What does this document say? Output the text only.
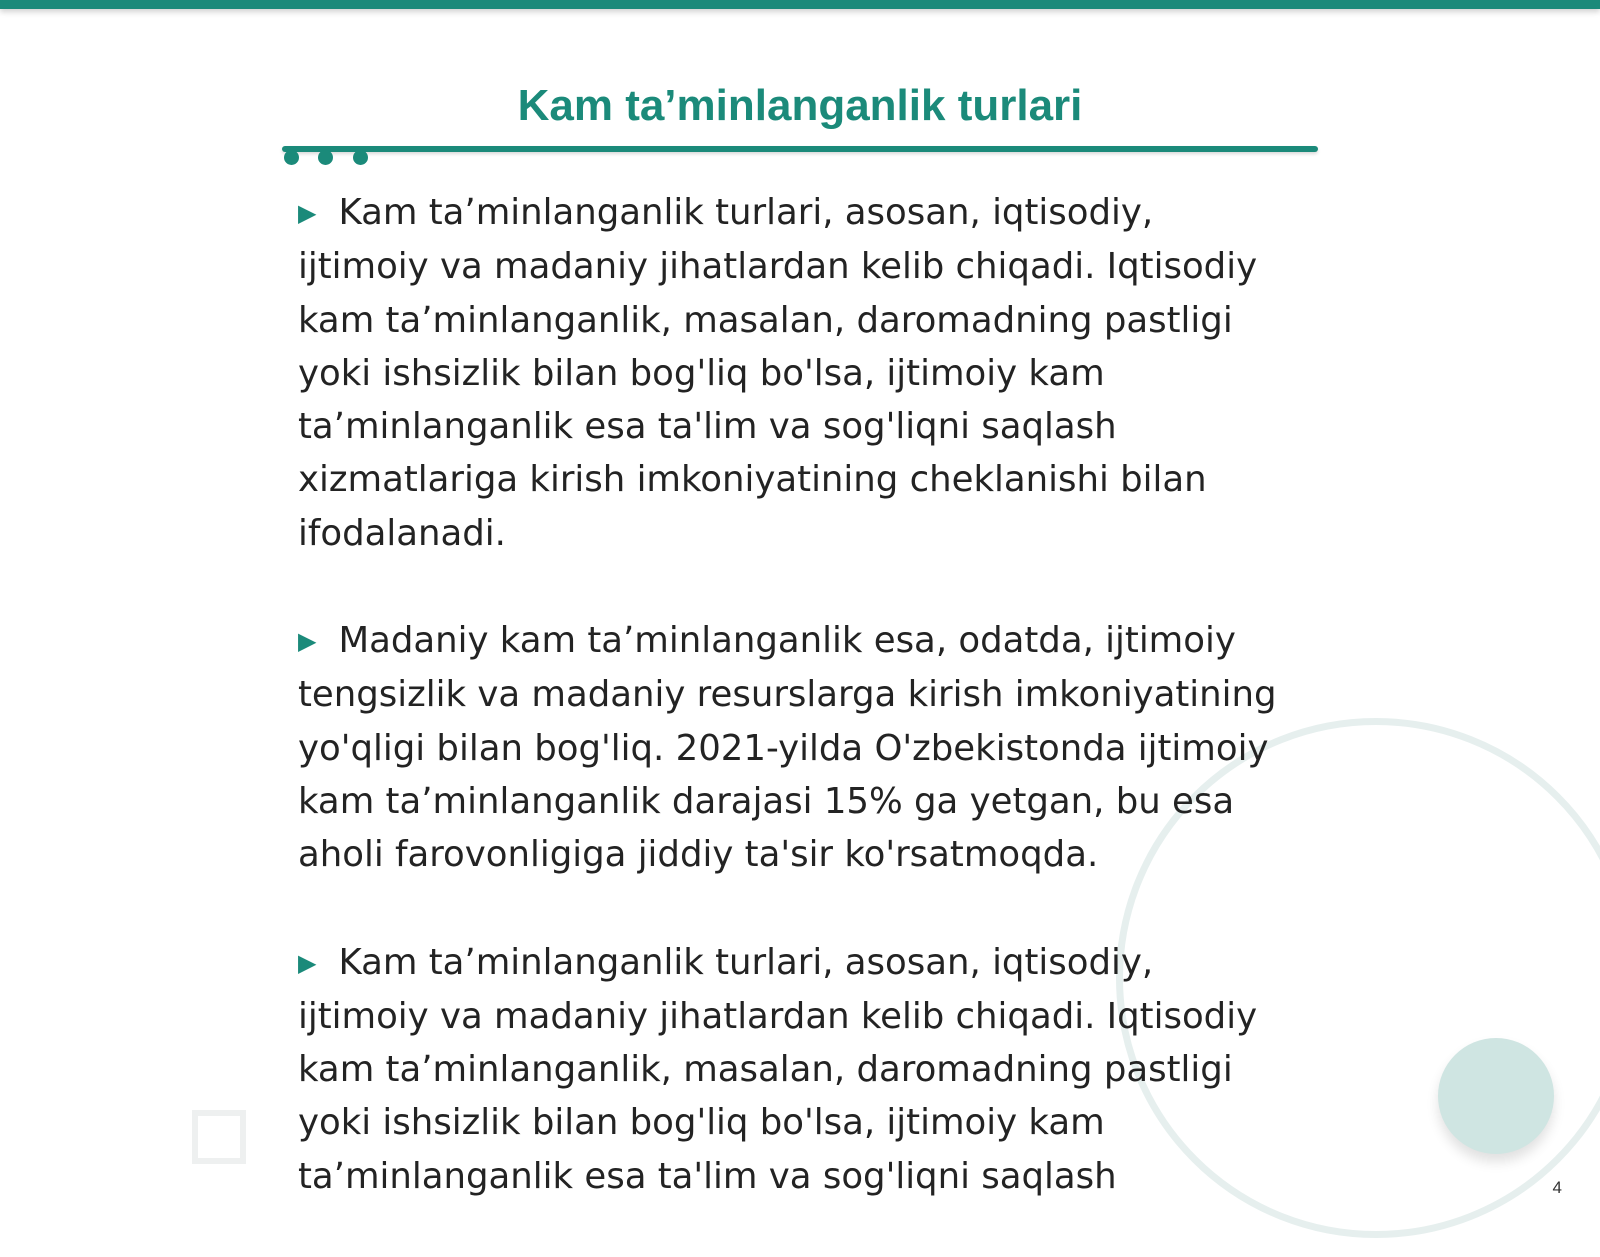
Kam ta’minlanganlik turlari

▶ Kam ta’minlanganlik turlari, asosan, iqtisodiy, ijtimoiy va madaniy jihatlardan kelib chiqadi. Iqtisodiy kam ta’minlanganlik, masalan, daromadning pastligi yoki ishsizlik bilan bog'liq bo'lsa, ijtimoiy kam ta’minlanganlik esa ta'lim va sog'liqni saqlash xizmatlariga kirish imkoniyatining cheklanishi bilan ifodalanadi.

▶ Madaniy kam ta’minlanganlik esa, odatda, ijtimoiy tengsizlik va madaniy resurslarga kirish imkoniyatining yo'qligi bilan bog'liq. 2021-yilda O'zbekistonda ijtimoiy kam ta’minlanganlik darajasi 15% ga yetgan, bu esa aholi farovonligiga jiddiy ta'sir ko'rsatmoqda.

▶ Kam ta’minlanganlik turlari, asosan, iqtisodiy, ijtimoiy va madaniy jihatlardan kelib chiqadi. Iqtisodiy kam ta’minlanganlik, masalan, daromadning pastligi yoki ishsizlik bilan bog'liq bo'lsa, ijtimoiy kam ta’minlanganlik esa ta'lim va sog'liqni saqlash	4
